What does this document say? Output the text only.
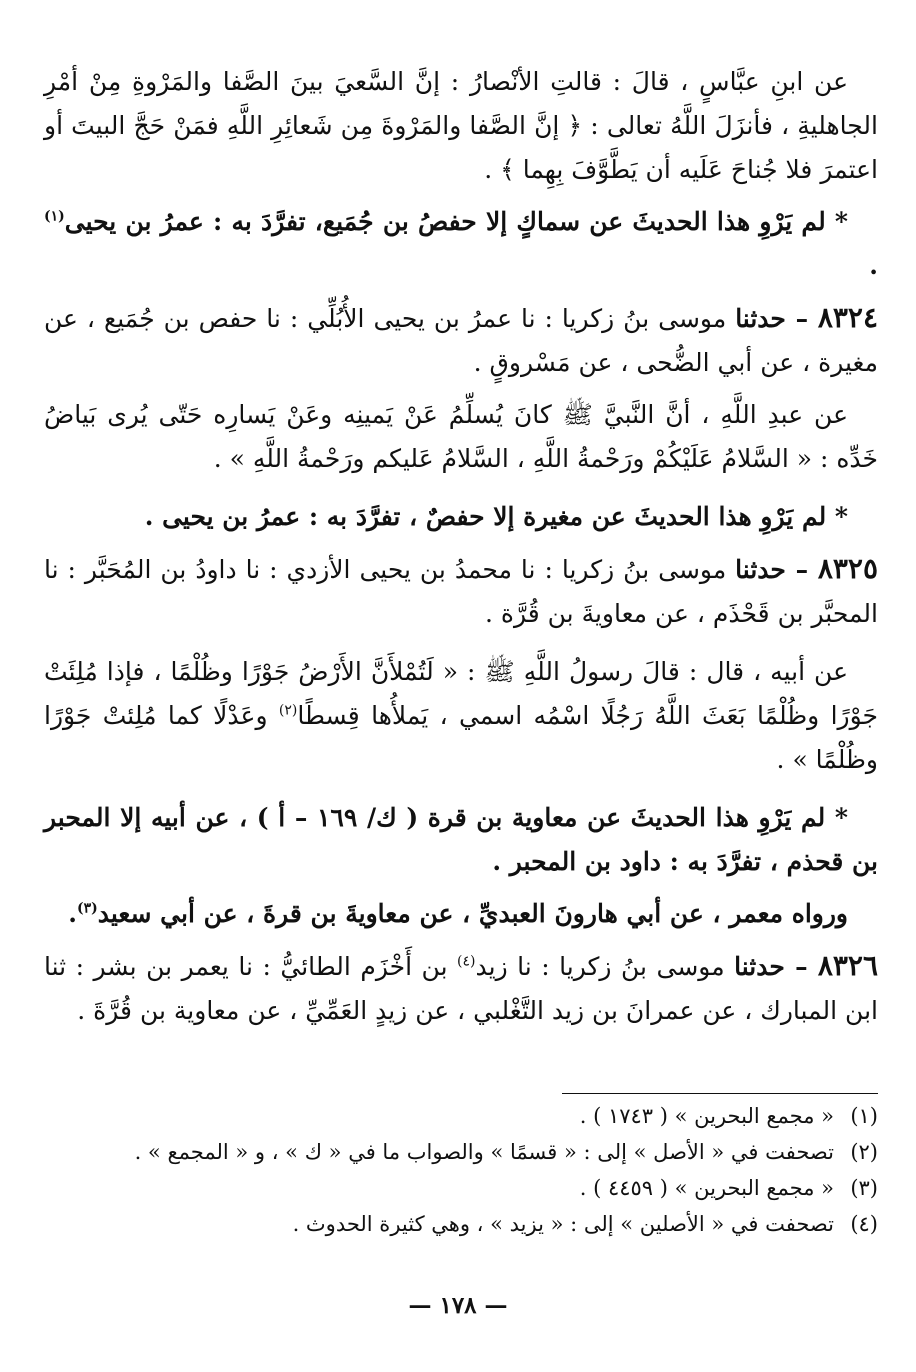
عن ابنِ عبَّاسٍ ، قالَ : قالتِ الأنْصارُ : إنَّ السَّعيَ بينَ الصَّفا والمَرْوةِ مِنْ أمْرِ الجاهليةِ ، فأنزَلَ اللَّهُ تعالى : ﴿ إنَّ الصَّفا والمَرْوةَ مِن شَعائِرِ اللَّهِ فمَنْ حَجَّ البيتَ أو اعتمرَ فلا جُناحَ عَلَيه أن يَطَّوَّفَ بِهِما ﴾ .

* لم يَرْوِ هذا الحديثَ عن سماكٍ إلا حفصُ بن جُمَيع، تفرَّدَ به : عمرُ بن يحيى$^{(١)}$ .

٨٣٢٤ – حدثنا موسى بنُ زكريا : نا عمرُ بن يحيى الأُبُلِّي : نا حفص بن جُمَيع ، عن مغيرة ، عن أبي الضُّحى ، عن مَسْروقٍ .

عن عبدِ اللَّهِ ، أنَّ النَّبيَّ ﷺ كانَ يُسلِّمُ عَنْ يَمينِه وعَنْ يَسارِه حَتّى يُرى بَياضُ خَدِّه : « السَّلامُ عَلَيْكُمْ ورَحْمةُ اللَّهِ ، السَّلامُ عَليكم ورَحْمةُ اللَّهِ » .

* لم يَرْوِ هذا الحديثَ عن مغيرة إلا حفصٌ ، تفرَّدَ به : عمرُ بن يحيى .

٨٣٢٥ – حدثنا موسى بنُ زكريا : نا محمدُ بن يحيى الأزدي : نا داودُ بن المُحَبَّر : نا المحبَّر بن قَحْذَم ، عن معاويةَ بن قُرَّة .

عن أبيه ، قال : قالَ رسولُ اللَّهِ ﷺ : « لَتُمْلأَنَّ الأَرْضُ جَوْرًا وظُلْمًا ، فإذا مُلِئَتْ جَوْرًا وظُلْمًا بَعَثَ اللَّهُ رَجُلًا اسْمُه اسمي ، يَملأُها قِسطًا$^{(٢)}$ وعَدْلًا كما مُلِئتْ جَوْرًا وظُلْمًا » .

* لم يَرْوِ هذا الحديثَ عن معاوية بن قرة ( ك/ ١٦٩ – أ ) ، عن أبيه إلا المحبر بن قحذم ، تفرَّدَ به : داود بن المحبر .

ورواه معمر ، عن أبي هارونَ العبديِّ ، عن معاويةَ بن قرةَ ، عن أبي سعيد$^{(٣)}$.

٨٣٢٦ – حدثنا موسى بنُ زكريا : نا زيد$^{(٤)}$ بن أَخْزَم الطائيُّ : نا يعمر بن بشر : ثنا ابن المبارك ، عن عمرانَ بن زيد التَّغْلبي ، عن زيدٍ العَمِّيِّ ، عن معاوية بن قُرَّةَ .

(١)
« مجمع البحرين » ( ١٧٤٣ ) .
(٢)
تصحفت في « الأصل » إلى : « قسمًا » والصواب ما في « ك » ، و « المجمع » .
(٣)
« مجمع البحرين » ( ٤٤٥٩ ) .
(٤)
تصحفت في « الأصلين » إلى : « يزيد » ، وهي كثيرة الحدوث .
— ١٧٨ —
